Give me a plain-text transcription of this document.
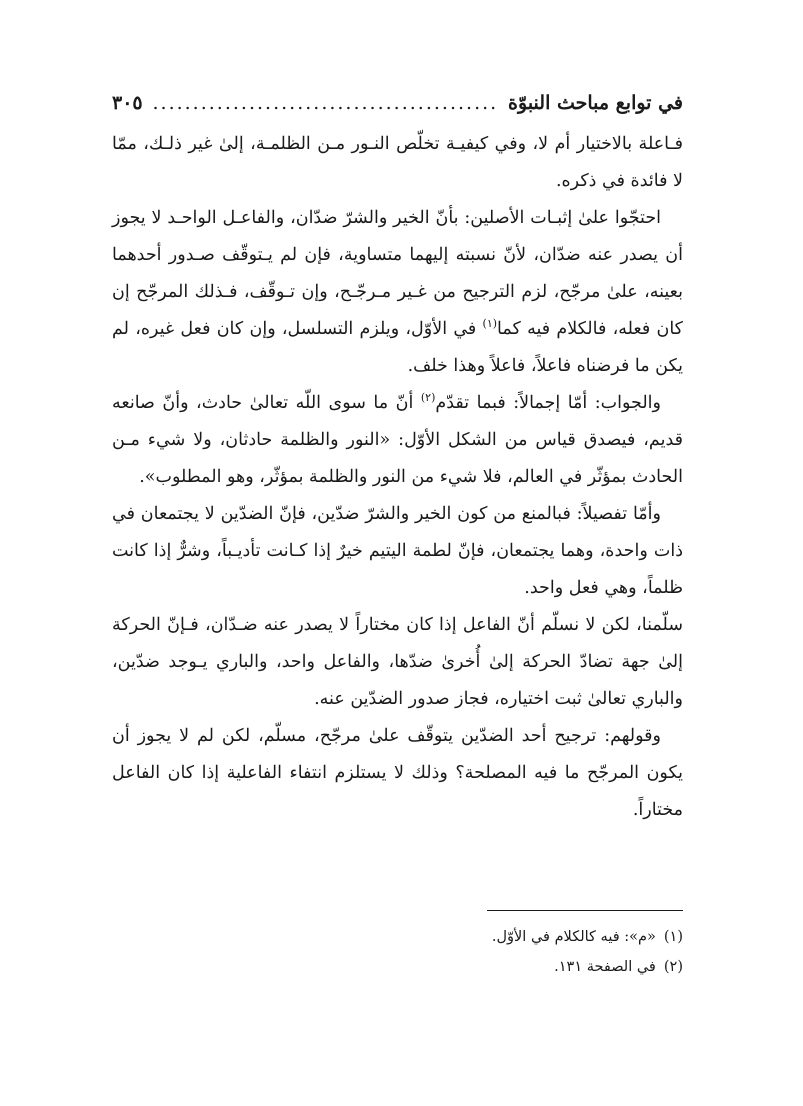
في توابع مباحث النبوّة
...........................................
٣٠٥

فـاعلة بالاختيار أم لا، وفي كيفيـة تخلّص النـور مـن الظلمـة، إلىٰ غير ذلـك، ممّا لا فائدة في ذكره.

احتجّوا علىٰ إثبـات الأصلين: بأنّ الخير والشرّ ضدّان، والفاعـل الواحـد لا يجوز أن يصدر عنه ضدّان، لأنّ نسبته إليهما متساوية، فإن لم يـتوقّف صـدور أحدهما بعينه، علىٰ مرجّح، لزم الترجيح من غـير مـرجّـح، وإن تـوقّف، فـذلك المرجّح إن كان فعله، فالكلام فيه كما$^{(١)}$ في الأوّل، ويلزم التسلسل، وإن كان فعل غيره، لم يكن ما فرضناه فاعلاً، فاعلاً وهذا خلف.

والجواب: أمّا إجمالاً: فبما تقدّم$^{(٢)}$ أنّ ما سوى اللّه تعالىٰ حادث، وأنّ صانعه قديم، فيصدق قياس من الشكل الأوّل: «النور والظلمة حادثان، ولا شيء مـن الحادث بمؤثّر في العالم، فلا شيء من النور والظلمة بمؤثّر، وهو المطلوب».

وأمّا تفصيلاً: فبالمنع من كون الخير والشرّ ضدّين، فإنّ الضدّين لا يجتمعان في ذات واحدة، وهما يجتمعان، فإنّ لطمة اليتيم خيرٌ إذا كـانت تأديـباً، وشرٌّ إذا كانت ظلماً، وهي فعل واحد.

سلّمنا، لكن لا نسلّم أنّ الفاعل إذا كان مختاراً لا يصدر عنه ضـدّان، فـإنّ الحركة إلىٰ جهة تضادّ الحركة إلىٰ أُخرىٰ ضدّها، والفاعل واحد، والباري يـوجد ضدّين، والباري تعالىٰ ثبت اختياره، فجاز صدور الضدّين عنه.

وقولهم: ترجيح أحد الضدّين يتوقّف علىٰ مرجّح، مسلّم، لكن لم لا يجوز أن يكون المرجّح ما فيه المصلحة؟ وذلك لا يستلزم انتفاء الفاعلية إذا كان الفاعل مختاراً.

(١)«م»: فيه كالكلام في الأوّل.

(٢)في الصفحة ١٣١.
